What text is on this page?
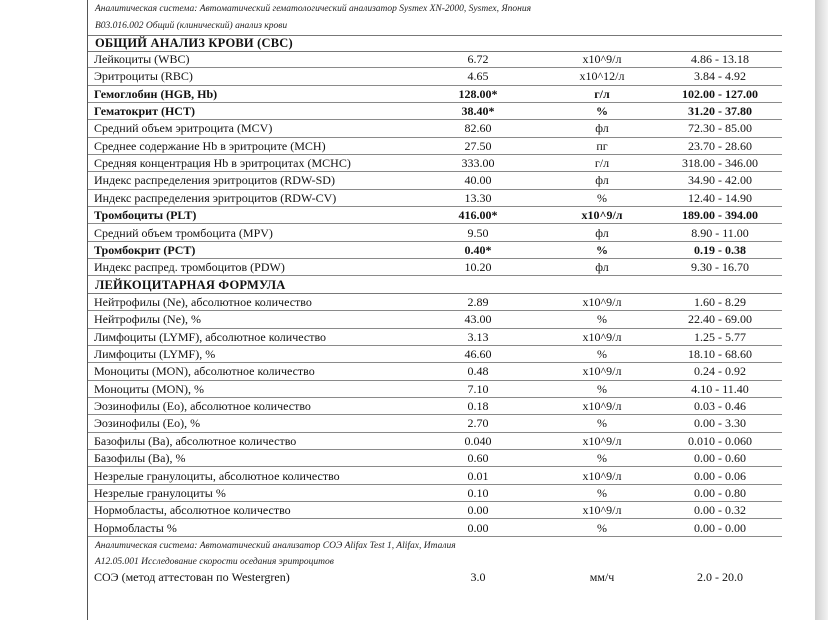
Аналитическая система: Автоматический гематологический анализатор Sysmex XN-2000, Sysmex, Япония
В03.016.002 Общий (клинический) анализ крови
ОБЩИЙ АНАЛИЗ КРОВИ (CBC)
Лейкоциты (WBC)	6.72	x10^9/л	4.86 - 13.18
Эритроциты (RBC)	4.65	x10^12/л	3.84 - 4.92
Гемоглобин (HGB, Hb)	128.00*	г/л	102.00 - 127.00
Гематокрит (HCT)	38.40*	%	31.20 - 37.80
Средний объем эритроцита (MCV)	82.60	фл	72.30 - 85.00
Среднее содержание Hb в эритроците (MCH)	27.50	пг	23.70 - 28.60
Средняя концентрация Hb в эритроцитах (MCHC)	333.00	г/л	318.00 - 346.00
Индекс распределения эритроцитов (RDW-SD)	40.00	фл	34.90 - 42.00
Индекс распределения эритроцитов (RDW-CV)	13.30	%	12.40 - 14.90
Тромбоциты (PLT)	416.00*	x10^9/л	189.00 - 394.00
Средний объем тромбоцита (MPV)	9.50	фл	8.90 - 11.00
Тромбокрит (PCT)	0.40*	%	0.19 - 0.38
Индекс распред. тромбоцитов (PDW)	10.20	фл	9.30 - 16.70
ЛЕЙКОЦИТАРНАЯ ФОРМУЛА
Нейтрофилы (Ne), абсолютное количество	2.89	x10^9/л	1.60 - 8.29
Нейтрофилы (Ne), %	43.00	%	22.40 - 69.00
Лимфоциты (LYMF), абсолютное количество	3.13	x10^9/л	1.25 - 5.77
Лимфоциты (LYMF), %	46.60	%	18.10 - 68.60
Моноциты (MON), абсолютное количество	0.48	x10^9/л	0.24 - 0.92
Моноциты (MON), %	7.10	%	4.10 - 11.40
Эозинофилы (Eo), абсолютное количество	0.18	x10^9/л	0.03 - 0.46
Эозинофилы (Eo), %	2.70	%	0.00 - 3.30
Базофилы (Ba), абсолютное количество	0.040	x10^9/л	0.010 - 0.060
Базофилы (Ba), %	0.60	%	0.00 - 0.60
Незрелые гранулоциты, абсолютное количество	0.01	x10^9/л	0.00 - 0.06
Незрелые гранулоциты %	0.10	%	0.00 - 0.80
Нормобласты, абсолютное количество	0.00	x10^9/л	0.00 - 0.32
Нормобласты %	0.00	%	0.00 - 0.00
Аналитическая система: Автоматический анализатор СОЭ Alifax Test 1, Alifax, Италия
А12.05.001 Исследование скорости оседания эритроцитов
СОЭ (метод аттестован по Westergren)	3.0	мм/ч	2.0 - 20.0
